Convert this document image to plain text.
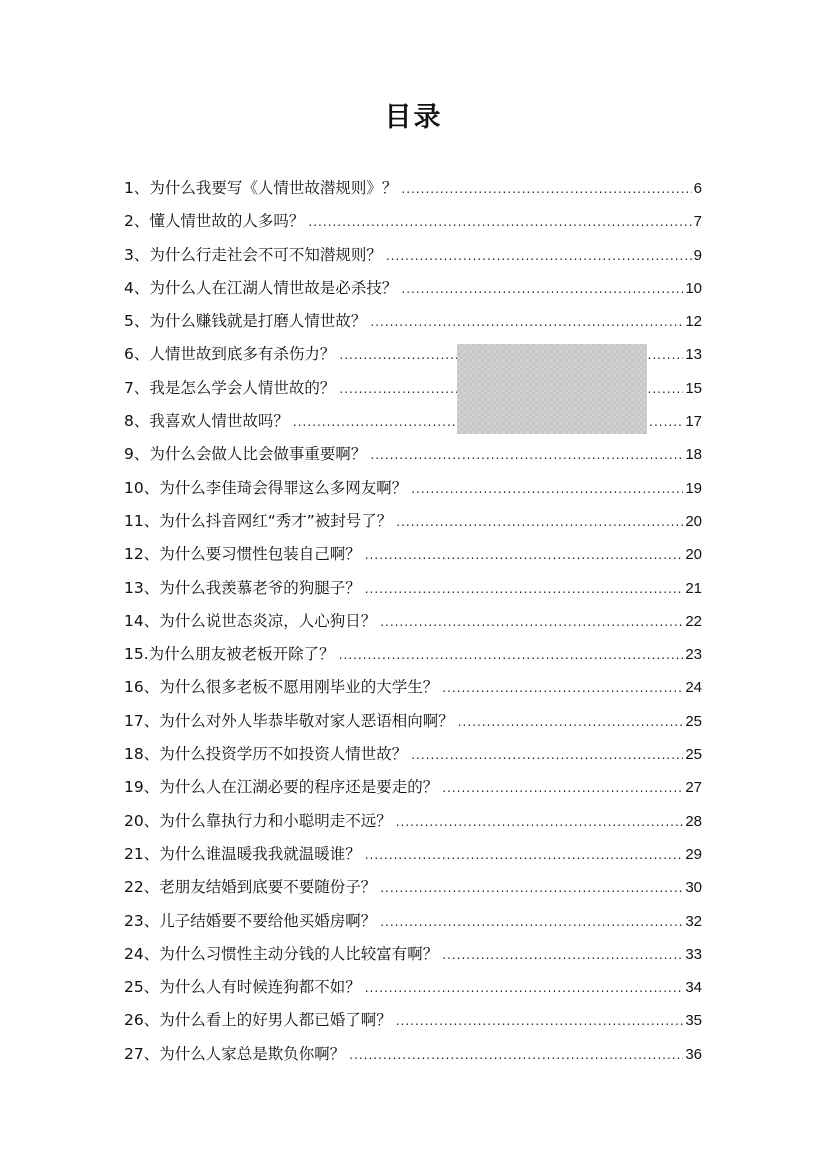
目录
1、为什么我要写《人情世故潜规则》？ .....	6
2、懂人情世故的人多吗？ .....	7
3、为什么行走社会不可不知潜规则？ .....	9
4、为什么人在江湖人情世故是必杀技？ .....	10
5、为什么赚钱就是打磨人情世故？ .....	12
6、人情世故到底多有杀伤力？ .....	13
7、我是怎么学会人情世故的？ .....	15
8、我喜欢人情世故吗？ .....	17
9、为什么会做人比会做事重要啊？ .....	18
10、为什么李佳琦会得罪这么多网友啊？ .....	19
11、为什么抖音网红“秀才”被封号了？ .....	20
12、为什么要习惯性包装自己啊？ .....	20
13、为什么我羡慕老爷的狗腿子？ .....	21
14、为什么说世态炎凉，人心狗日？ .....	22
15.为什么朋友被老板开除了？ .....	23
16、为什么很多老板不愿用刚毕业的大学生？ .....	24
17、为什么对外人毕恭毕敬对家人恶语相向啊？ .....	25
18、为什么投资学历不如投资人情世故？ .....	25
19、为什么人在江湖必要的程序还是要走的？ .....	27
20、为什么靠执行力和小聪明走不远？ .....	28
21、为什么谁温暖我我就温暖谁？ .....	29
22、老朋友结婚到底要不要随份子？ .....	30
23、儿子结婚要不要给他买婚房啊？ .....	32
24、为什么习惯性主动分钱的人比较富有啊？ .....	33
25、为什么人有时候连狗都不如？ .....	34
26、为什么看上的好男人都已婚了啊？ .....	35
27、为什么人家总是欺负你啊？ .....	36
